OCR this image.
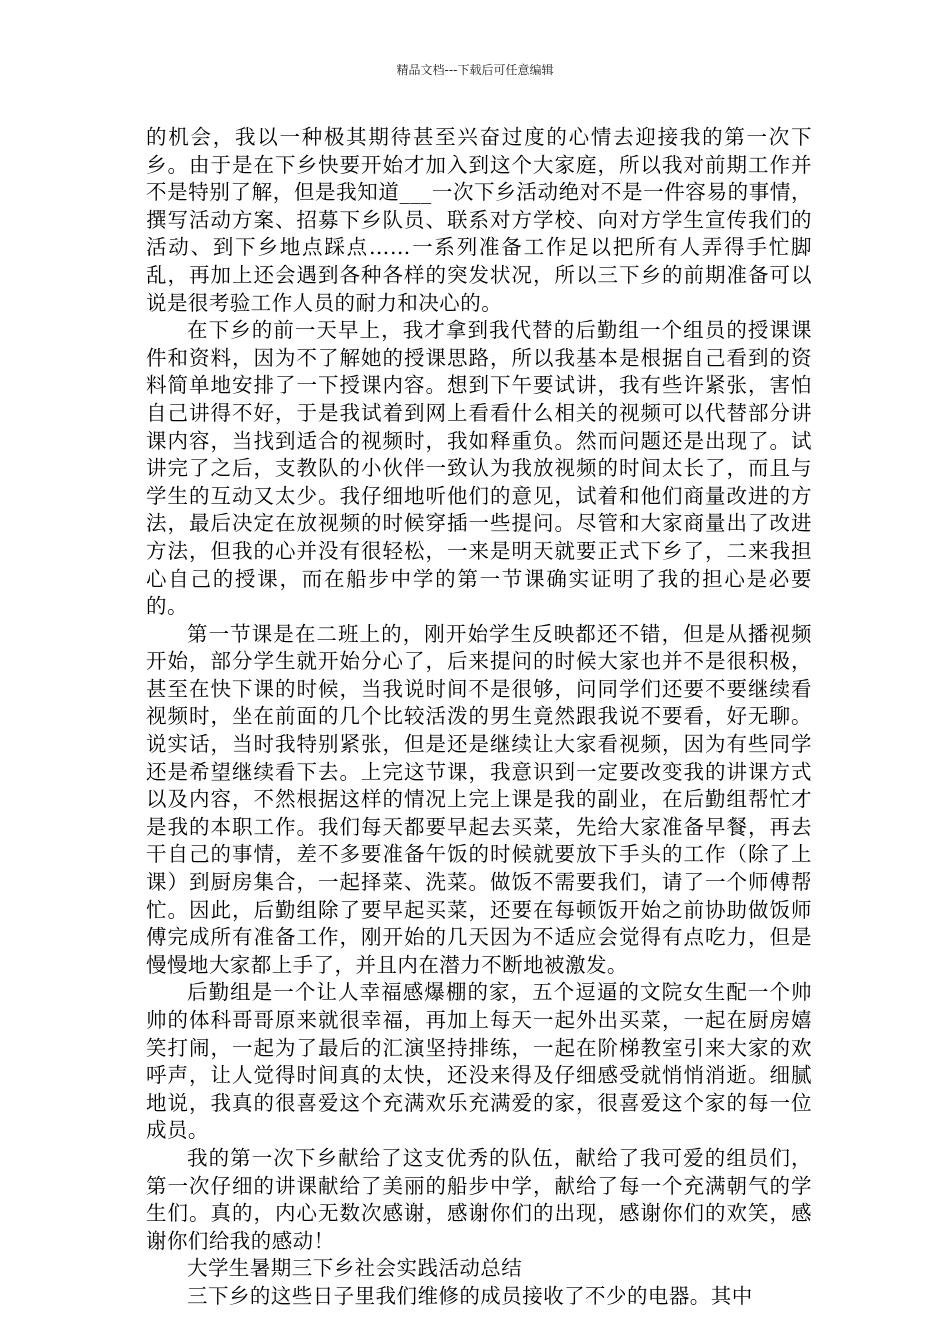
精品文档---下载后可任意编辑

的机会，我以一种极其期待甚至兴奋过度的心情去迎接我的第一次下乡。由于是在下乡快要开始才加入到这个大家庭，所以我对前期工作并不是特别了解，但是我知道___一次下乡活动绝对不是一件容易的事情，撰写活动方案、招募下乡队员、联系对方学校、向对方学生宣传我们的活动、到下乡地点踩点……一系列准备工作足以把所有人弄得手忙脚乱，再加上还会遇到各种各样的突发状况，所以三下乡的前期准备可以说是很考验工作人员的耐力和决心的。

在下乡的前一天早上，我才拿到我代替的后勤组一个组员的授课课件和资料，因为不了解她的授课思路，所以我基本是根据自己看到的资料简单地安排了一下授课内容。想到下午要试讲，我有些许紧张，害怕自己讲得不好，于是我试着到网上看看什么相关的视频可以代替部分讲课内容，当找到适合的视频时，我如释重负。然而问题还是出现了。试讲完了之后，支教队的小伙伴一致认为我放视频的时间太长了，而且与学生的互动又太少。我仔细地听他们的意见，试着和他们商量改进的方法，最后决定在放视频的时候穿插一些提问。尽管和大家商量出了改进方法，但我的心并没有很轻松，一来是明天就要正式下乡了，二来我担心自己的授课，而在船步中学的第一节课确实证明了我的担心是必要的。

第一节课是在二班上的，刚开始学生反映都还不错，但是从播视频开始，部分学生就开始分心了，后来提问的时候大家也并不是很积极，甚至在快下课的时候，当我说时间不是很够，问同学们还要不要继续看视频时，坐在前面的几个比较活泼的男生竟然跟我说不要看，好无聊。说实话，当时我特别紧张，但是还是继续让大家看视频，因为有些同学还是希望继续看下去。上完这节课，我意识到一定要改变我的讲课方式以及内容，不然根据这样的情况上完上课是我的副业，在后勤组帮忙才是我的本职工作。我们每天都要早起去买菜，先给大家准备早餐，再去干自己的事情，差不多要准备午饭的时候就要放下手头的工作（除了上课）到厨房集合，一起择菜、洗菜。做饭不需要我们，请了一个师傅帮忙。因此，后勤组除了要早起买菜，还要在每顿饭开始之前协助做饭师傅完成所有准备工作，刚开始的几天因为不适应会觉得有点吃力，但是慢慢地大家都上手了，并且内在潜力不断地被激发。

后勤组是一个让人幸福感爆棚的家，五个逗逼的文院女生配一个帅帅的体科哥哥原来就很幸福，再加上每天一起外出买菜，一起在厨房嬉笑打闹，一起为了最后的汇演坚持排练，一起在阶梯教室引来大家的欢呼声，让人觉得时间真的太快，还没来得及仔细感受就悄悄消逝。细腻地说，我真的很喜爱这个充满欢乐充满爱的家，很喜爱这个家的每一位成员。

我的第一次下乡献给了这支优秀的队伍，献给了我可爱的组员们，第一次仔细的讲课献给了美丽的船步中学，献给了每一个充满朝气的学生们。真的，内心无数次感谢，感谢你们的出现，感谢你们的欢笑，感谢你们给我的感动！

大学生暑期三下乡社会实践活动总结

三下乡的这些日子里我们维修的成员接收了不少的电器。其中
